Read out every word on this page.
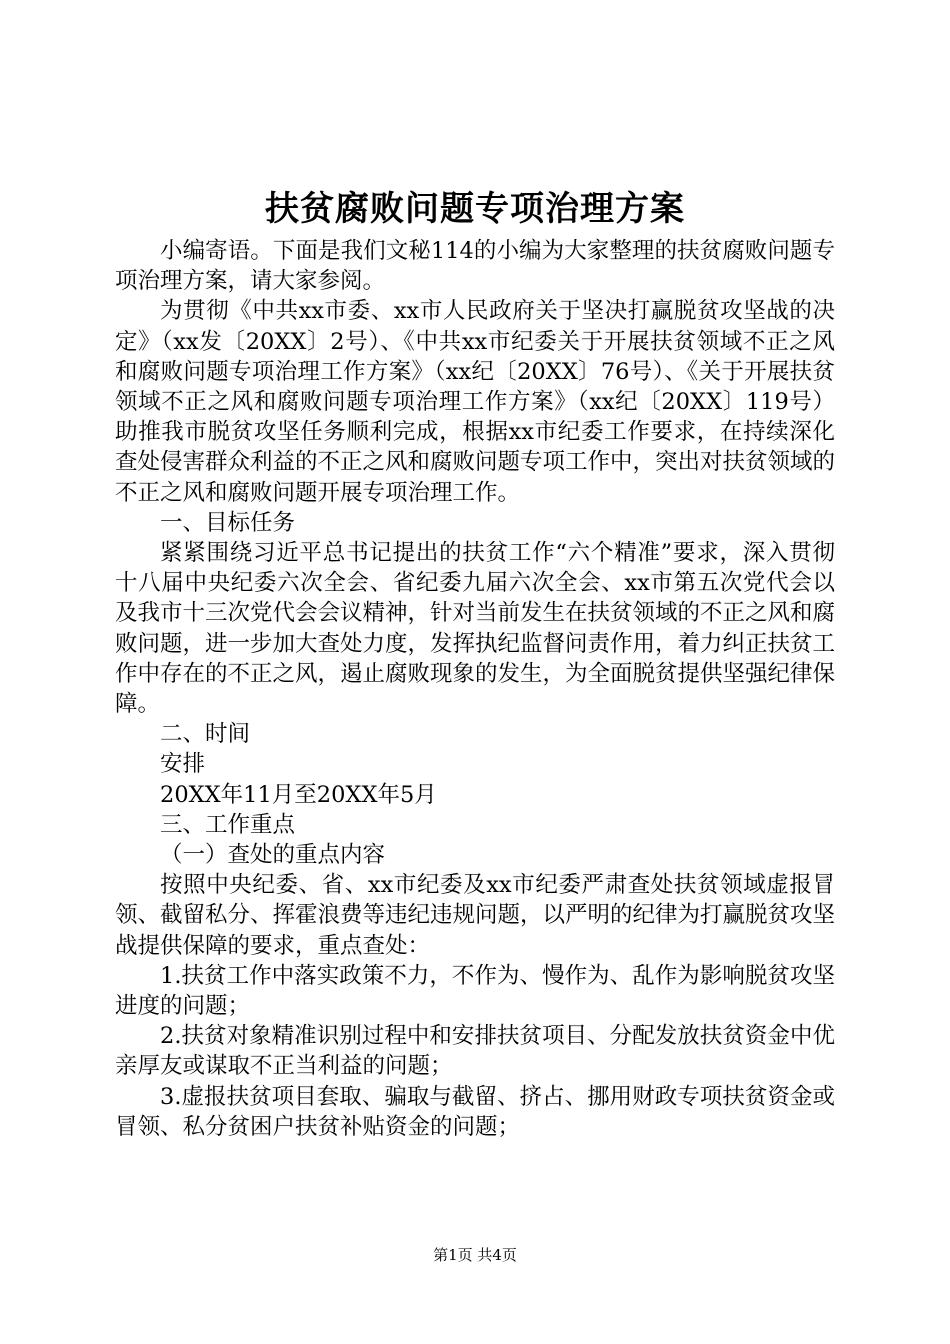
扶贫腐败问题专项治理方案

小编寄语。下面是我们文秘114的小编为大家整理的扶贫腐败问题专项治理方案，请大家参阅。

为贯彻《中共xx市委、xx市人民政府关于坚决打赢脱贫攻坚战的决定》（xx发〔20XX〕2号）、《中共xx市纪委关于开展扶贫领域不正之风和腐败问题专项治理工作方案》（xx纪〔20XX〕76号）、《关于开展扶贫领域不正之风和腐败问题专项治理工作方案》（xx纪〔20XX〕119号）助推我市脱贫攻坚任务顺利完成，根据xx市纪委工作要求，在持续深化查处侵害群众利益的不正之风和腐败问题专项工作中，突出对扶贫领域的不正之风和腐败问题开展专项治理工作。

一、目标任务

紧紧围绕习近平总书记提出的扶贫工作“六个精准”要求，深入贯彻十八届中央纪委六次全会、省纪委九届六次全会、xx市第五次党代会以及我市十三次党代会会议精神，针对当前发生在扶贫领域的不正之风和腐败问题，进一步加大查处力度，发挥执纪监督问责作用，着力纠正扶贫工作中存在的不正之风，遏止腐败现象的发生，为全面脱贫提供坚强纪律保障。

二、时间

安排

20XX年11月至20XX年5月

三、工作重点

（一）查处的重点内容

按照中央纪委、省、xx市纪委及xx市纪委严肃查处扶贫领域虚报冒领、截留私分、挥霍浪费等违纪违规问题，以严明的纪律为打赢脱贫攻坚战提供保障的要求，重点查处：

1.扶贫工作中落实政策不力，不作为、慢作为、乱作为影响脱贫攻坚进度的问题；

2.扶贫对象精准识别过程中和安排扶贫项目、分配发放扶贫资金中优亲厚友或谋取不正当利益的问题；

3.虚报扶贫项目套取、骗取与截留、挤占、挪用财政专项扶贫资金或冒领、私分贫困户扶贫补贴资金的问题；

第1页 共4页
